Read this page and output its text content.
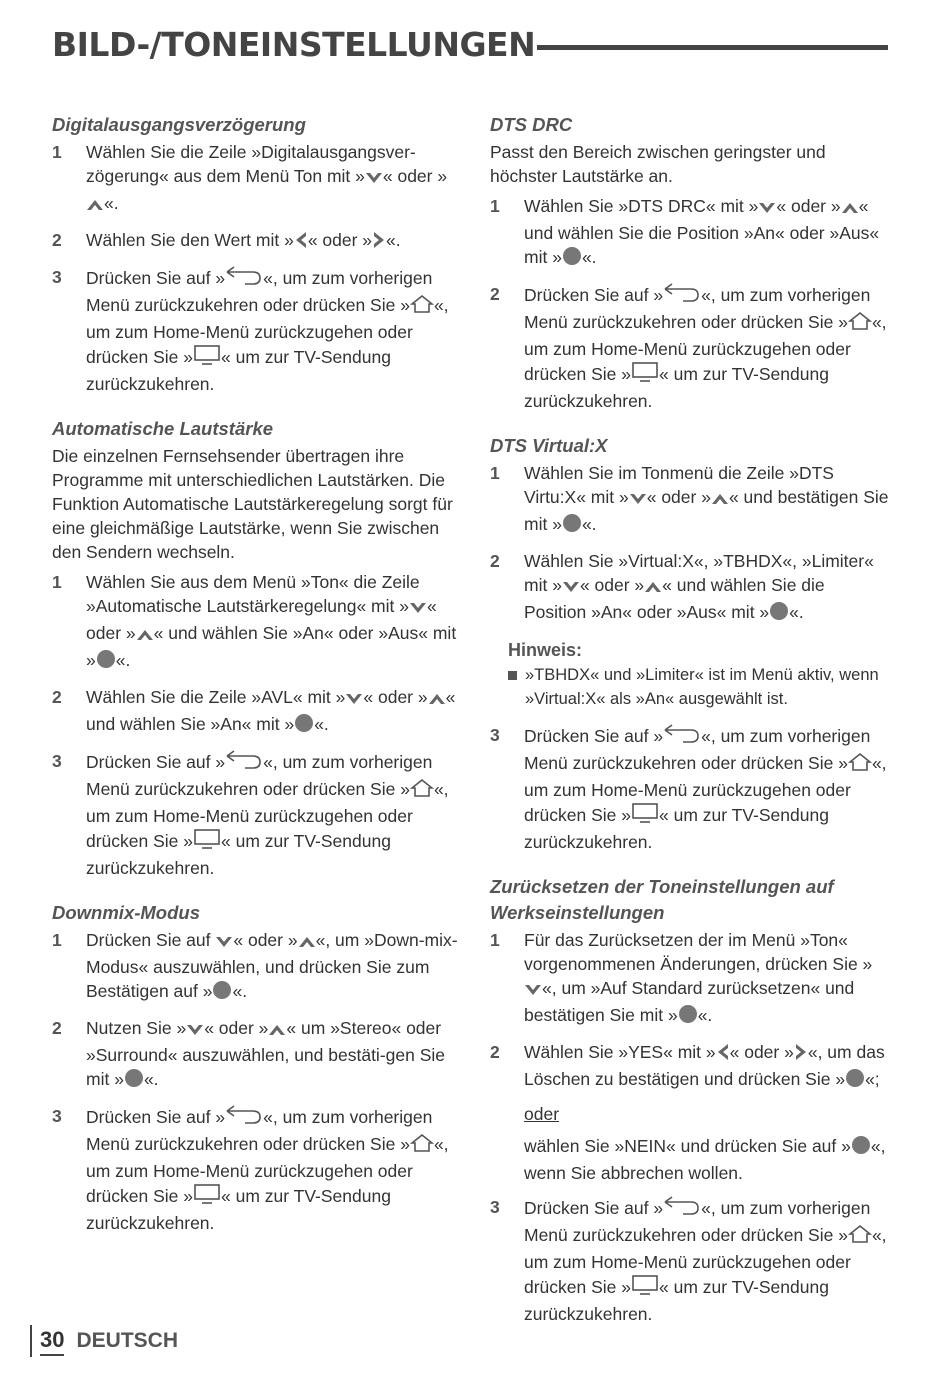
BILD-/TONEINSTELLUNGEN
Digitalausgangsverzögerung
1	Wählen Sie die Zeile »Digitalausgangsver-zögerung« aus dem Menü Ton mit » « oder »«.
2	Wählen Sie den Wert mit » « oder » «.
3	Drücken Sie auf » «, um zum vorherigen Menü zurückzukehren oder drücken Sie » «, um zum Home-Menü zurückzugehen oder drücken Sie » « um zur TV-Sendung zurückzukehren.
Automatische Lautstärke
Die einzelnen Fernsehsender übertragen ihre Programme mit unterschiedlichen Lautstärken. Die Funktion Automatische Lautstärkeregelung sorgt für eine gleichmäßige Lautstärke, wenn Sie zwischen den Sendern wechseln.
1	Wählen Sie aus dem Menü »Ton« die Zeile »Automatische Lautstärkeregelung« mit » « oder » « und wählen Sie »An« oder »Aus« mit » «.
2	Wählen Sie die Zeile »AVL« mit » « oder » « und wählen Sie »An« mit » «.
3	Drücken Sie auf » «, um zum vorherigen Menü zurückzukehren oder drücken Sie » «, um zum Home-Menü zurückzugehen oder drücken Sie » « um zur TV-Sendung zurückzukehren.
Downmix-Modus
1	Drücken Sie auf « oder » «, um »Down-mix-Modus« auszuwählen, und drücken Sie zum Bestätigen auf » «.
2	Nutzen Sie » « oder » « um »Stereo« oder »Surround« auszuwählen, und bestäti-gen Sie mit » «.
3	Drücken Sie auf » «, um zum vorherigen Menü zurückzukehren oder drücken Sie » «, um zum Home-Menü zurückzugehen oder drücken Sie » « um zur TV-Sendung zurückzukehren.
DTS DRC
Passt den Bereich zwischen geringster und höchster Lautstärke an.
1	Wählen Sie »DTS DRC« mit » « oder » « und wählen Sie die Position »An« oder »Aus« mit » «.
2	Drücken Sie auf » «, um zum vorherigen Menü zurückzukehren oder drücken Sie » «, um zum Home-Menü zurückzugehen oder drücken Sie » « um zur TV-Sendung zurückzukehren.
DTS Virtual:X
1	Wählen Sie im Tonmenü die Zeile »DTS Virtu:X« mit » « oder » « und bestätigen Sie mit » «.
2	Wählen Sie »Virtual:X«, »TBHDX«, »Limiter« mit » « oder » « und wählen Sie die Position »An« oder »Aus« mit » «.
Hinweis:
»TBHDX« und »Limiter« ist im Menü aktiv, wenn »Virtual:X« als »An« ausgewählt ist.
3	Drücken Sie auf » «, um zum vorherigen Menü zurückzukehren oder drücken Sie » «, um zum Home-Menü zurückzugehen oder drücken Sie » « um zur TV-Sendung zurückzukehren.
Zurücksetzen der Toneinstellungen auf Werkseinstellungen
1	Für das Zurücksetzen der im Menü »Ton« vorgenommenen Änderungen, drücken Sie »«, um »Auf Standard zurücksetzen« und bestätigen Sie mit » «.
2	Wählen Sie »YES« mit » « oder » «, um das Löschen zu bestätigen und drücken Sie » «;
oder
wählen Sie »NEIN« und drücken Sie auf » «, wenn Sie abbrechen wollen.
3	Drücken Sie auf » «, um zum vorherigen Menü zurückzukehren oder drücken Sie » «, um zum Home-Menü zurückzugehen oder drücken Sie » « um zur TV-Sendung zurückzukehren.
30 DEUTSCH
